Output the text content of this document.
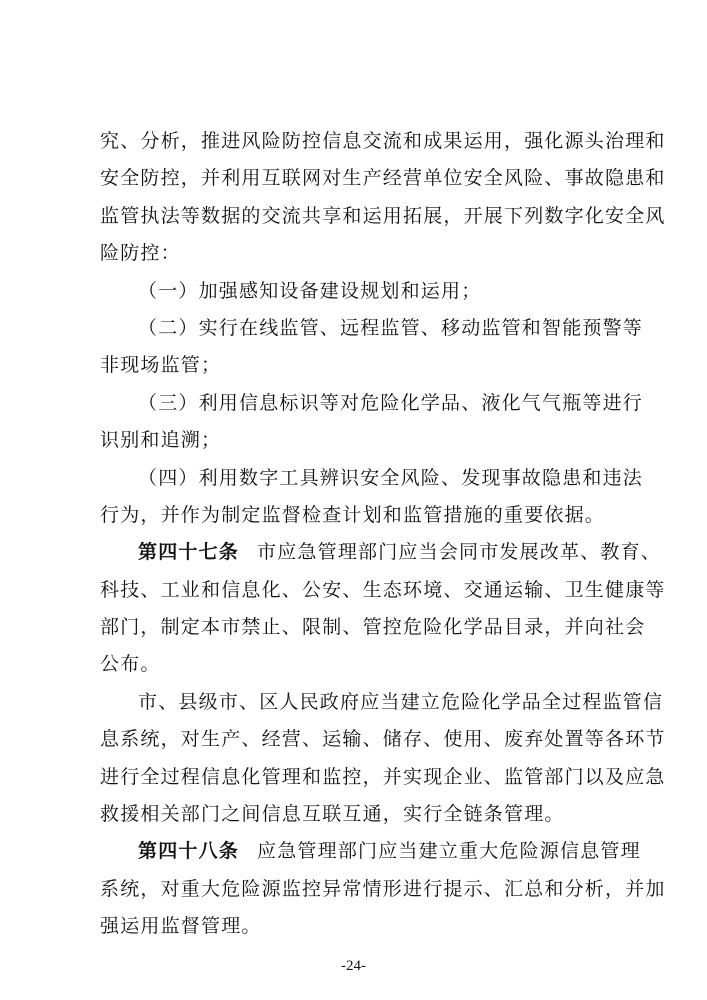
究、分析，推进风险防控信息交流和成果运用，强化源头治理和
安全防控，并利用互联网对生产经营单位安全风险、事故隐患和
监管执法等数据的交流共享和运用拓展，开展下列数字化安全风
险防控：
（一）加强感知设备建设规划和运用；
（二）实行在线监管、远程监管、移动监管和智能预警等
非现场监管；
（三）利用信息标识等对危险化学品、液化气气瓶等进行
识别和追溯；
（四）利用数字工具辨识安全风险、发现事故隐患和违法
行为，并作为制定监督检查计划和监管措施的重要依据。
第四十七条 市应急管理部门应当会同市发展改革、教育、
科技、工业和信息化、公安、生态环境、交通运输、卫生健康等
部门，制定本市禁止、限制、管控危险化学品目录，并向社会
公布。
市、县级市、区人民政府应当建立危险化学品全过程监管信
息系统，对生产、经营、运输、储存、使用、废弃处置等各环节
进行全过程信息化管理和监控，并实现企业、监管部门以及应急
救援相关部门之间信息互联互通，实行全链条管理。
第四十八条 应急管理部门应当建立重大危险源信息管理
系统，对重大危险源监控异常情形进行提示、汇总和分析，并加
强运用监督管理。
-24-
